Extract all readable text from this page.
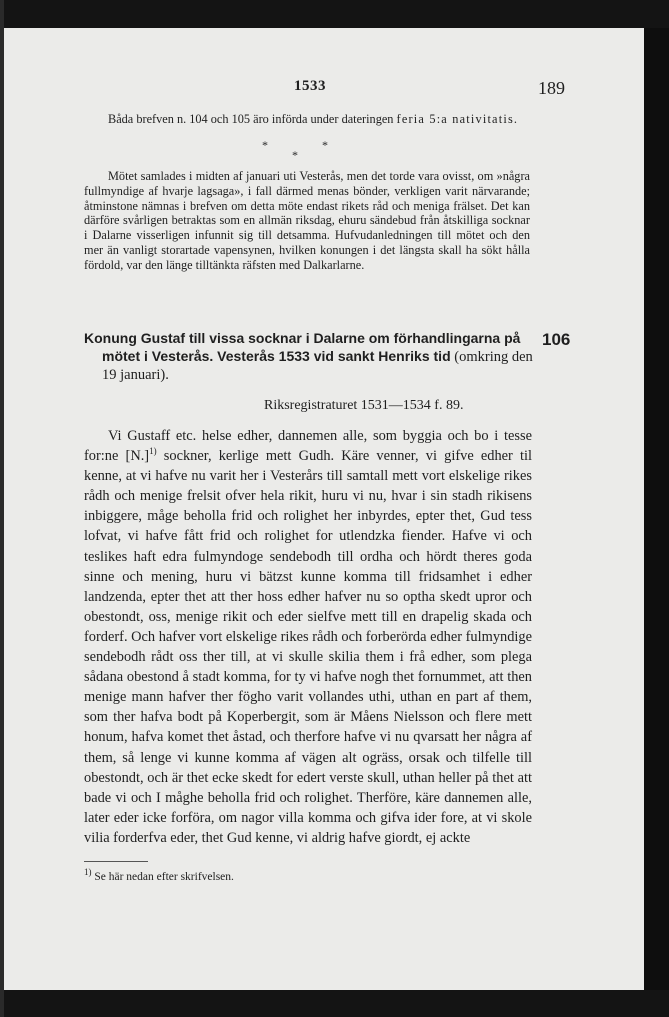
1533	189
Båda brefven n. 104 och 105 äro införda under dateringen feria 5:a nativitatis.
*
*
*
Mötet samlades i midten af januari uti Vesterås, men det torde vara ovisst, om »några fullmyndige af hvarje lagsaga», i fall därmed menas bönder, verkligen varit närvarande; åtminstone nämnas i brefven om detta möte endast rikets råd och meniga frälset. Det kan därföre svårligen betraktas som en allmän riksdag, ehuru sändebud från åtskilliga socknar i Dalarne visserligen infunnit sig till detsamma. Hufvudanledningen till mötet och den mer än vanligt storartade vapensynen, hvilken konungen i det längsta skall ha sökt hålla fördold, var den länge tilltänkta räfsten med Dalkarlarne.
Konung Gustaf till vissa socknar i Dalarne om förhandlingarna på
mötet i Vesterås. Vesterås 1533 vid sankt Henriks tid (omkring den 19 januari).
106
Riksregistraturet 1531—1534 f. 89.

Vi Gustaff etc. helse edher, dannemen alle, som byggia och bo i tesse for:ne $[N.]^{1)}$ sockner, kerlige mett Gudh. Käre venner, vi gifve edher til kenne, at vi hafve nu varit her i Vesterårs till samtall mett vort elskelige rikes rådh och menige frelsit ofver hela rikit, huru vi nu, hvar i sin stadh rikisens inbiggere, måge beholla frid och rolighet her inbyrdes, epter thet, Gud tess lofvat, vi hafve fått frid och rolighet for utlendzka fiender. Hafve vi och teslikes haft edra fulmyndoge sendebodh till ordha och hördt theres goda sinne och mening, huru vi bätzst kunne komma till fridsamhet i edher landzenda, epter thet att ther hoss edher hafver nu so optha skedt upror och obestondt, oss, menige rikit och eder sielfve mett till en drapelig skada och forderf. Och hafver vort elskelige rikes rådh och forberörda edher fulmyndige sendebodh rådt oss ther till, at vi skulle skilia them i frå edher, som plega sådana obestond å stadt komma, for ty vi hafve nogh thet fornummet, att then menige mann hafver ther fögho varit vollandes uthi, uthan en part af them, som ther hafva bodt på Koperbergit, som är Måens Nielsson och flere mett honum, hafva komet thet åstad, och therfore hafve vi nu qvarsatt her några af them, så lenge vi kunne komma af vägen alt ogräss, orsak och tilfelle till obestondt, och är thet ecke skedt for edert verste skull, uthan heller på thet att bade vi och I måghe beholla frid och rolighet. Therföre, käre dannemen alle, later eder icke forföra, om nagor villa komma och gifva ider fore, at vi skole vilia forderfva eder, thet Gud kenne, vi aldrig hafve giordt, ej ackte

$^{1)}$ Se här nedan efter skrifvelsen.
